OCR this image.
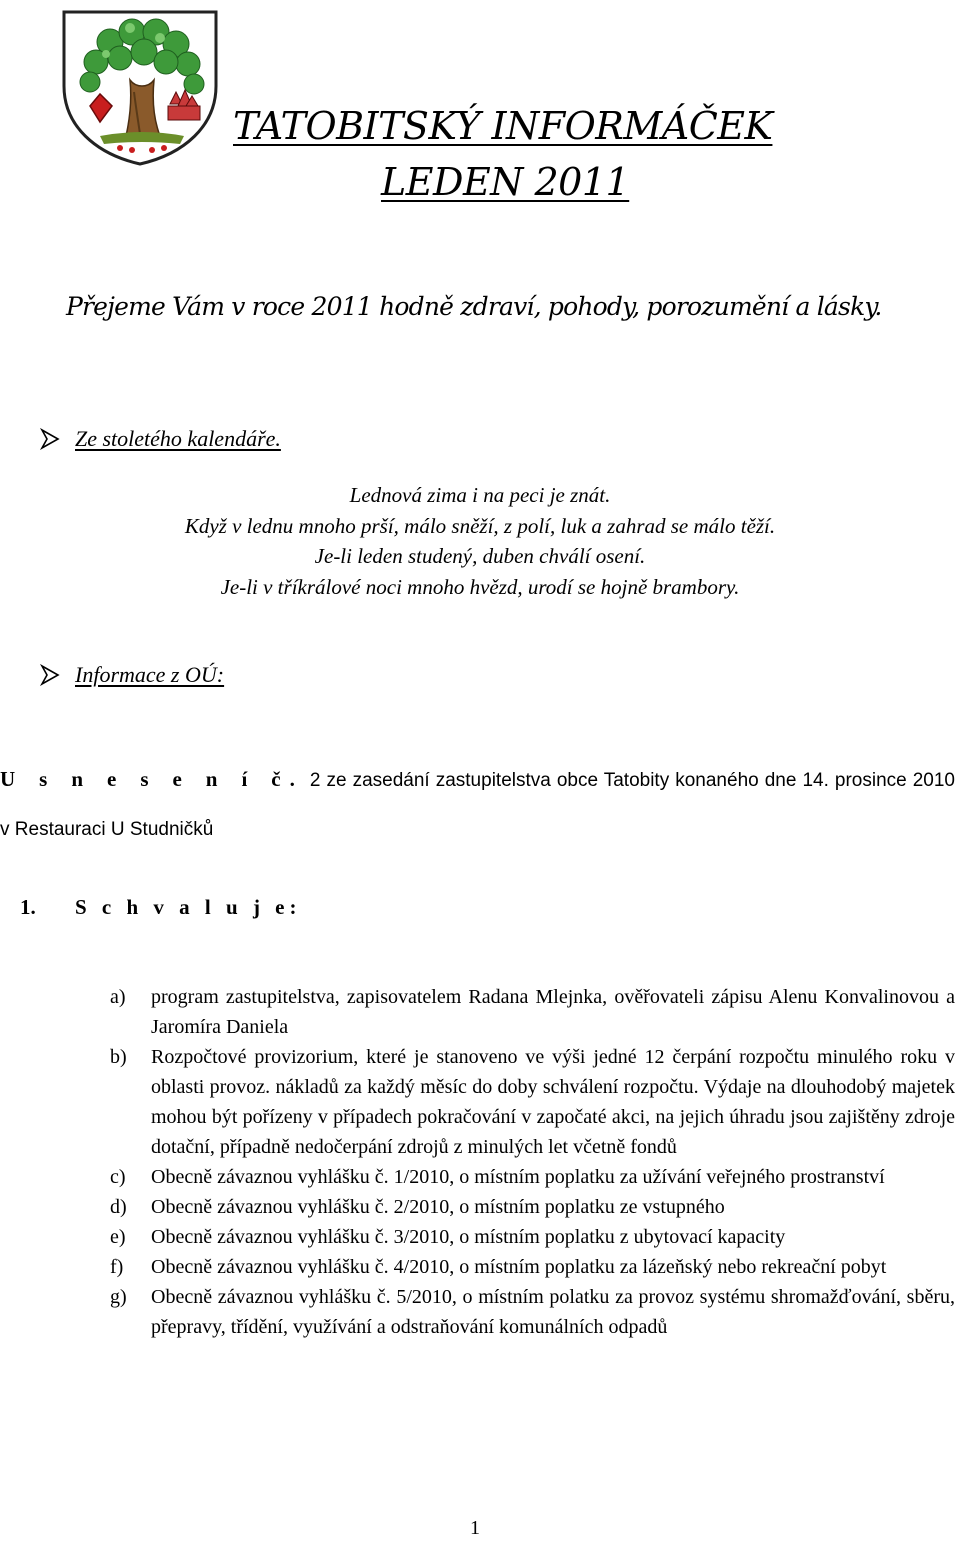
TATOBITSKÝ INFORMÁČEK
LEDEN 2011

Přejeme Vám v roce 2011 hodně zdraví, pohody, porozumění a lásky.

Ze stoletého kalendáře.
Lednová zima i na peci je znát.
Když v lednu mnoho prší, málo sněží, z polí, luk a zahrad se málo těží.
Je-li leden studený, duben chválí osení.
Je-li v tříkrálové noci mnoho hvězd, urodí se hojně brambory.
Informace z OÚ:
U s n e s e n í č. 2 ze zasedání zastupitelstva obce Tatobity konaného dne 14. prosince 2010 v Restauraci U Studničků
1. S c h v a l u j e:
a)	program zastupitelstva, zapisovatelem Radana Mlejnka, ověřovateli zápisu Alenu Konvalinovou a Jaromíra Daniela
b)	Rozpočtové provizorium, které je stanoveno ve výši jedné 12 čerpání rozpočtu minulého roku v oblasti provoz. nákladů za každý měsíc do doby schválení rozpočtu. Výdaje na dlouhodobý majetek mohou být pořízeny v případech pokračování v započaté akci, na jejich úhradu jsou zajištěny zdroje dotační, případně nedočerpání zdrojů z minulých let včetně fondů
c)	Obecně závaznou vyhlášku č. 1/2010, o místním poplatku za užívání veřejného prostranství
d)	Obecně závaznou vyhlášku č. 2/2010, o místním poplatku ze vstupného
e)	Obecně závaznou vyhlášku č. 3/2010, o místním poplatku z ubytovací kapacity
f)	Obecně závaznou vyhlášku č. 4/2010, o místním poplatku za lázeňský nebo rekreační pobyt
g)	Obecně závaznou vyhlášku č. 5/2010, o místním polatku za provoz systému shromažďování, sběru, přepravy, třídění, využívání a odstraňování komunálních odpadů
1
